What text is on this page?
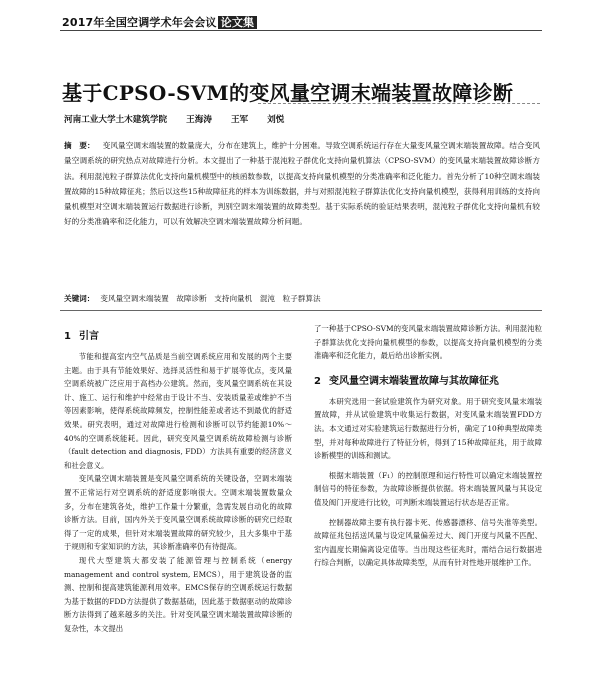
2017年全国空调学术年会会议 论文集
基于CPSO-SVM的变风量空调末端装置故障诊断
河南工业大学土木建筑学院 王海涛 王军 刘悦
摘　要： 变风量空调末端装置的数量庞大，分布在建筑上，维护十分困难。导致空调系统运行存在大量变风量空调末端装置故障。结合变风量空调系统的研究热点对故障进行分析。本文提出了一种基于混沌粒子群优化支持向量机算法（CPSO-SVM）的变风量末端装置故障诊断方法。利用混沌粒子群算法优化支持向量机模型中的核函数参数，以提高支持向量机模型的分类准确率和泛化能力。首先分析了10种空调末端装置故障的15种故障征兆；然后以这些15种故障征兆的样本为训练数据，并与对照混沌粒子群算法优化支持向量机模型，获得利用训练的支持向量机模型对空调末端装置运行数据进行诊断，判别空调末端装置的故障类型。基于实际系统的验证结果表明，混沌粒子群优化支持向量机有较好的分类准确率和泛化能力，可以有效解决空调末端装置故障分析问题。
关键词： 变风量空调末端装置　故障诊断　支持向量机　混沌　粒子群算法
1 引言

节能和提高室内空气品质是当前空调系统应用和发展的两个主要主题。由于具有节能效果好、选择灵活性和易于扩展等优点，变风量空调系统被广泛应用于高档办公建筑。然而，变风量空调系统在其设计、施工、运行和维护中经常由于设计不当、安装质量差或维护不当等因素影响，使得系统故障频发，控制性能差或者达不到最优的舒适效果。研究表明，通过对故障进行检测和诊断可以节约能源10%～40%的空调系统能耗。因此，研究变风量空调系统故障检测与诊断（fault detection and diagnosis, FDD）方法具有重要的经济意义和社会意义。

变风量空调末端装置是变风量空调系统的关键设备，空调末端装置不正常运行对空调系统的舒适度影响很大。空调末端装置数量众多，分布在建筑各处，维护工作量十分繁重，急需发展自动化的故障诊断方法。目前，国内外关于变风量空调系统故障诊断的研究已经取得了一定的成果，但针对末端装置故障的研究较少，且大多集中于基于规则和专家知识的方法，其诊断准确率仍有待提高。

现代大型建筑大都安装了能源管理与控制系统（energy management and control system, EMCS），用于建筑设备的监测、控制和提高建筑能源利用效率。EMCS保存的空调系统运行数据为基于数据的FDD方法提供了数据基础，因此基于数据驱动的故障诊断方法得到了越来越多的关注。针对变风量空调末端装置故障诊断的复杂性，本文提出

了一种基于CPSO-SVM的变风量末端装置故障诊断方法。利用混沌粒子群算法优化支持向量机模型的参数，以提高支持向量机模型的分类准确率和泛化能力，最后给出诊断实例。

2 变风量空调末端装置故障与其故障征兆

本研究选用一套试验建筑作为研究对象。用于研究变风量末端装置故障，并从试验建筑中收集运行数据，对变风量末端装置FDD方法。本文通过对实验建筑运行数据进行分析，确定了10种典型故障类型，并对每种故障进行了特征分析，得到了15种故障征兆，用于故障诊断模型的训练和测试。

根据末端装置（F₁）的控制原理和运行特性可以确定末端装置控制信号的特征参数，为故障诊断提供依据。将末端装置风量与其设定值及阀门开度进行比较，可判断末端装置运行状态是否正常。

控制器故障主要有执行器卡死、传感器漂移、信号失准等类型。故障征兆包括送风量与设定风量偏差过大、阀门开度与风量不匹配、室内温度长期偏离设定值等。当出现这些征兆时，需结合运行数据进行综合判断，以确定具体故障类型，从而有针对性地开展维护工作。
